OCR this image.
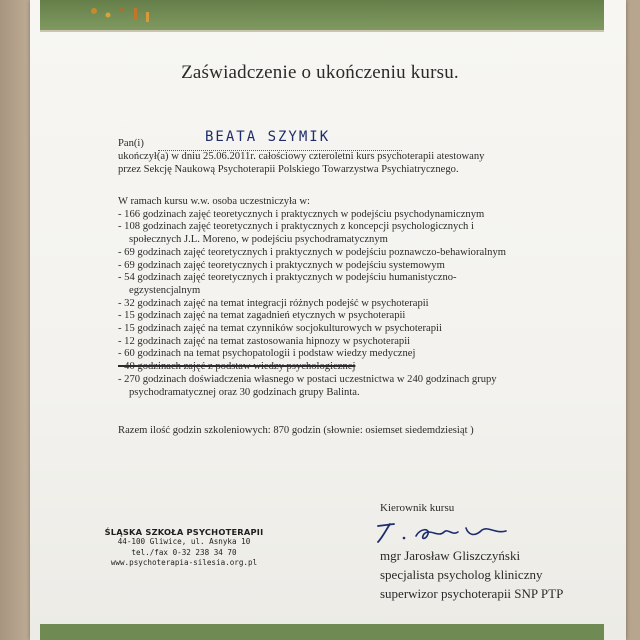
Zaświadczenie o ukończeniu kursu.
Pan(i)	BEATA SZYMIK
ukończył(a) w dniu 25.06.2011r. całościowy czteroletni kurs psychoterapii atestowany
przez Sekcję Naukową Psychoterapii Polskiego Towarzystwa Psychiatrycznego.
W ramach kursu w.w. osoba uczestniczyła w:
- 166 godzinach zajęć teoretycznych i praktycznych w podejściu psychodynamicznym
- 108 godzinach zajęć teoretycznych i praktycznych z koncepcji psychologicznych i
społecznych J.L. Moreno, w podejściu psychodramatycznym
- 69 godzinach zajęć teoretycznych i praktycznych w podejściu poznawczo-behawioralnym
- 69 godzinach zajęć teoretycznych i praktycznych w podejściu systemowym
- 54 godzinach zajęć teoretycznych i praktycznych w podejściu humanistyczno-
egzystencjalnym
- 32 godzinach zajęć na temat integracji różnych podejść w psychoterapii
- 15 godzinach zajęć na temat zagadnień etycznych w psychoterapii
- 15 godzinach zajęć na temat czynników socjokulturowych w psychoterapii
- 12 godzinach zajęć na temat zastosowania hipnozy w psychoterapii
- 60 godzinach na temat psychopatologii i podstaw wiedzy medycznej
- 40 godzinach zajęć z podstaw wiedzy psychologicznej
- 270 godzinach doświadczenia własnego w postaci uczestnictwa w 240 godzinach grupy
psychodramatycznej oraz 30 godzinach grupy Balinta.
Razem ilość godzin szkoleniowych: 870 godzin (słownie: osiemset siedemdziesiąt )
ŚLĄSKA SZKOŁA PSYCHOTERAPII
44-100 Gliwice, ul. Asnyka 10
tel./fax 0-32 238 34 70
www.psychoterapia-silesia.org.pl
Kierownik kursu
mgr Jarosław Gliszczyński
specjalista psycholog kliniczny
superwizor psychoterapii SNP PTP
